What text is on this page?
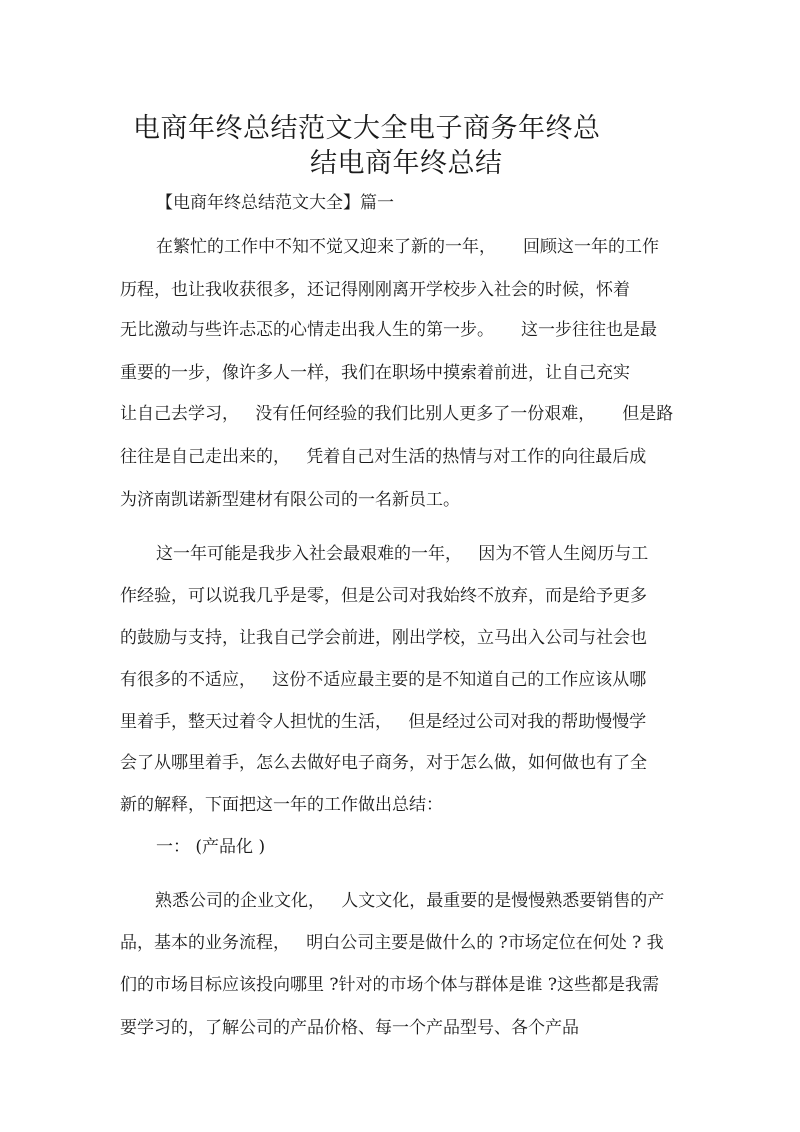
电商年终总结范文大全电子商务年终总
结电商年终总结
【电商年终总结范文大全】篇一
在繁忙的工作中不知不觉又迎来了新的一年，     回顾这一年的工作
历程，也让我收获很多，还记得刚刚离开学校步入社会的时候，怀着
无比激动与些许忐忑的心情走出我人生的第一步。     这一步往往也是最
重要的一步，像许多人一样，我们在职场中摸索着前进，让自己充实
让自己去学习，   没有任何经验的我们比别人更多了一份艰难，     但是路
往往是自己走出来的，   凭着自己对生活的热情与对工作的向往最后成
为济南凯诺新型建材有限公司的一名新员工。
这一年可能是我步入社会最艰难的一年，   因为不管人生阅历与工
作经验，可以说我几乎是零，但是公司对我始终不放弃，而是给予更多
的鼓励与支持，让我自己学会前进，刚出学校，立马出入公司与社会也
有很多的不适应，   这份不适应最主要的是不知道自己的工作应该从哪
里着手，整天过着令人担忧的生活，   但是经过公司对我的帮助慢慢学
会了从哪里着手，怎么去做好电子商务，对于怎么做，如何做也有了全
新的解释，下面把这一年的工作做出总结：
一： (产品化 )
熟悉公司的企业文化，   人文文化，最重要的是慢慢熟悉要销售的产
品，基本的业务流程，   明白公司主要是做什么的 ?市场定位在何处 ? 我
们的市场目标应该投向哪里 ?针对的市场个体与群体是谁 ?这些都是我需
要学习的，了解公司的产品价格、每一个产品型号、各个产品
